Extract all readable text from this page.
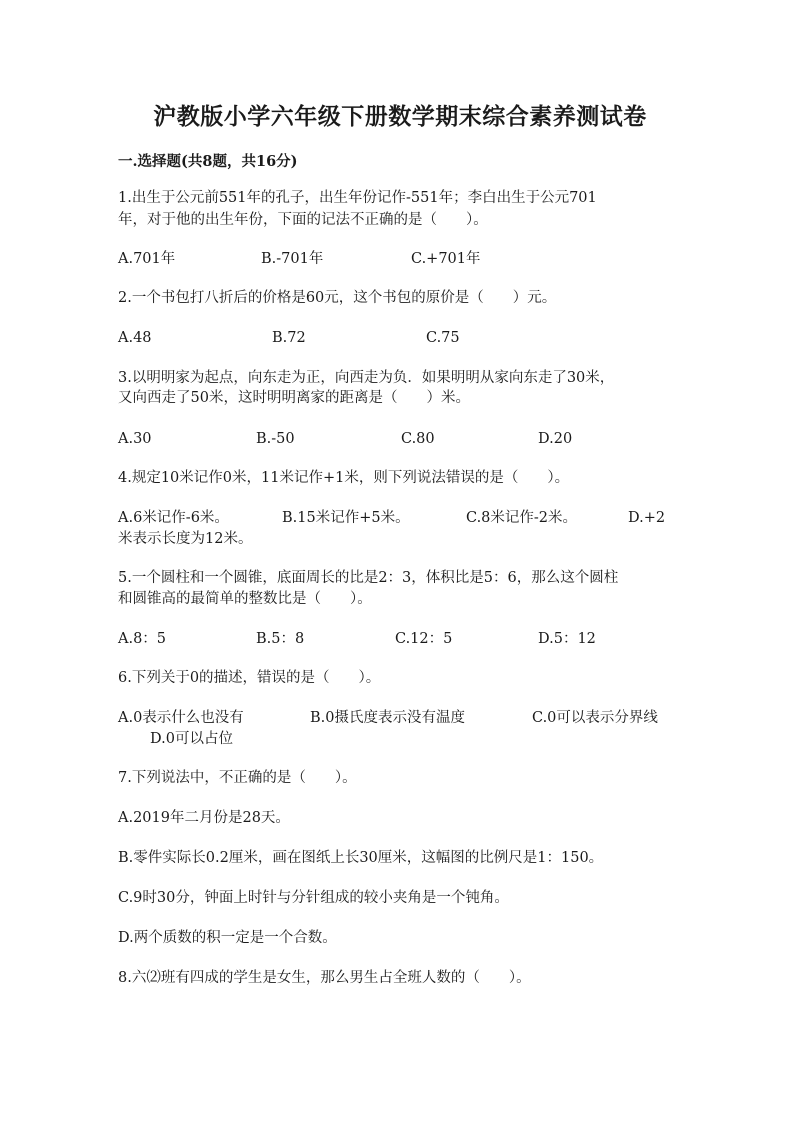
沪教版小学六年级下册数学期末综合素养测试卷
一.选择题(共8题，共16分)
1.出生于公元前551年的孔子，出生年份记作-551年；李白出生于公元701
年，对于他的出生年份，下面的记法不正确的是（　　）。
A.701年	B.-701年	C.+701年
2.一个书包打八折后的价格是60元，这个书包的原价是（　　）元。
A.48	B.72	C.75
3.以明明家为起点，向东走为正，向西走为负．如果明明从家向东走了30米，
又向西走了50米，这时明明离家的距离是（　　）米。
A.30	B.-50	C.80	D.20
4.规定10米记作0米，11米记作+1米，则下列说法错误的是（　　）。
A.6米记作-6米。	B.15米记作+5米。	C.8米记作-2米。	D.+2
米表示长度为12米。
5.一个圆柱和一个圆锥，底面周长的比是2：3，体积比是5：6，那么这个圆柱
和圆锥高的最简单的整数比是（　　）。
A.8：5	B.5：8	C.12：5	D.5：12
6.下列关于0的描述，错误的是（　　）。
A.0表示什么也没有	B.0摄氏度表示没有温度	C.0可以表示分界线
D.0可以占位
7.下列说法中，不正确的是（　　）。
A.2019年二月份是28天。
B.零件实际长0.2厘米，画在图纸上长30厘米，这幅图的比例尺是1：150。
C.9时30分，钟面上时针与分针组成的较小夹角是一个钝角。
D.两个质数的积一定是一个合数。
8.六⑵班有四成的学生是女生，那么男生占全班人数的（　　）。
